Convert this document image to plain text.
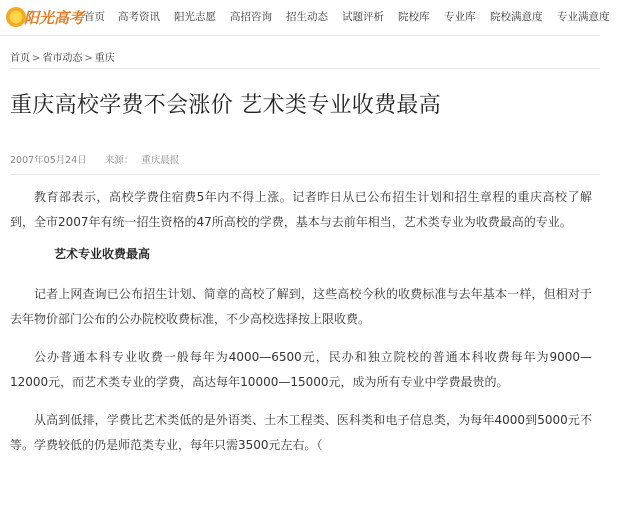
阳光高考 首页	高考资讯	阳光志愿	高招咨询	招生动态	试题评析	院校库	专业库	院校满意度	专业满意度
首页 > 省市动态 > 重庆
重庆高校学费不会涨价 艺术类专业收费最高
2007年05月24日 来源： 重庆晨报

教育部表示，高校学费住宿费5年内不得上涨。记者昨日从已公布招生计划和招生章程的重庆高校了解到，全市2007年有统一招生资格的47所高校的学费，基本与去前年相当，艺术类专业为收费最高的专业。

艺术专业收费最高

记者上网查询已公布招生计划、简章的高校了解到，这些高校今秋的收费标准与去年基本一样，但相对于去年物价部门公布的公办院校收费标准，不少高校选择按上限收费。

公办普通本科专业收费一般每年为4000—6500元，民办和独立院校的普通本科收费每年为9000—12000元，而艺术类专业的学费，高达每年10000—15000元，成为所有专业中学费最贵的。

从高到低排，学费比艺术类低的是外语类、土木工程类、医科类和电子信息类，为每年4000到5000元不等。学费较低的仍是师范类专业，每年只需3500元左右。（
